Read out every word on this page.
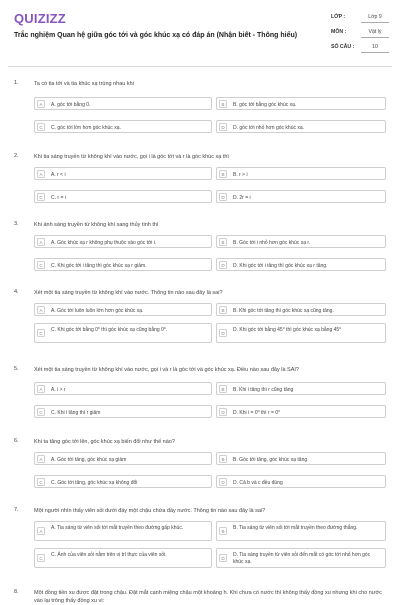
QUIZIZZ
Trắc nghiệm Quan hệ giữa góc tới và góc khúc xạ có đáp án (Nhận biết - Thông hiểu)
LỚP :	Lớp 9
MÔN :	Vật lý
SỐ CÂU :	10
1.	Ta có tia tới và tia khúc xạ trùng nhau khi
A	A. góc tới bằng 0.	B	B. góc tới bằng góc khúc xạ.
C	C. góc tới lớn hơn góc khúc xạ.	D	D. góc tới nhỏ hơn góc khúc xạ.
2.	Khi tia sáng truyền từ không khí vào nước, gọi i là góc tới và r là góc khúc xạ thì
A	A. r < i	B	B. r > i
C	C. r = i	D	D. 2r = i
3.	Khi ánh sáng truyền từ không khí sang thủy tinh thì
A	A. Góc khúc xạ r không phụ thuộc vào góc tới i.	B	B. Góc tới i nhỏ hơn góc khúc xạ r.
C	C. Khi góc tới i tăng thì góc khúc xạ r giảm.	D	D. Khi góc tới i tăng thì góc khúc xạ r tăng.
4.	Xét một tia sáng truyền từ không khí vào nước. Thông tin nào sau đây là sai?
A	A. Góc tới luôn luôn lớn hơn góc khúc xạ.	B	B. Khi góc tới tăng thì góc khúc xạ cũng tăng.
C
C. Khi góc tới bằng 0⁰ thì góc khúc xạ cũng bằng 0⁰.
D
D. Khi góc tới bằng 45⁰ thì góc khúc xạ bằng 45⁰
5.	Xét một tia sáng truyền từ không khí vào nước, gọi i và r là góc tới và góc khúc xạ. Điều nào sau đây là SAI?
A	A. i > r	B	B. Khi i tăng thì r cũng tăng
C	C. Khi i tăng thì r giảm	D	D. Khi i = 0⁰ thì r = 0⁰
6.	Khi ta tăng góc tới lên, góc khúc xạ biến đổi như thế nào?
A	A. Góc tới tăng, góc khúc xạ giảm	B	B. Góc tới tăng, góc khúc xạ tăng
C	C. Góc tới tăng, góc khúc xạ không đổi	D	D. Cả b và c đều đúng
7.	Một người nhìn thấy viên sỏi dưới đáy một chậu chứa đầy nước. Thông tin nào sau đây là sai?
A
A. Tia sáng từ viên sỏi tới mắt truyền theo đường gấp khúc.
B
B. Tia sáng từ viên sỏi tới mắt truyền theo đường thẳng.
C
C. Ảnh của viên sỏi nằm trên vị trí thực của viên sỏi.
D
D. Tia sáng truyền từ viên sỏi đến mắt có góc tới nhỏ hơn góc khúc xạ.
8.	Một đồng tiền xu được đặt trong chậu. Đặt mắt cạnh miệng chậu một khoảng h. Khi chưa có nước thì không thấy đồng xu nhưng khi cho nước vào lại trông thấy đồng xu vì:
